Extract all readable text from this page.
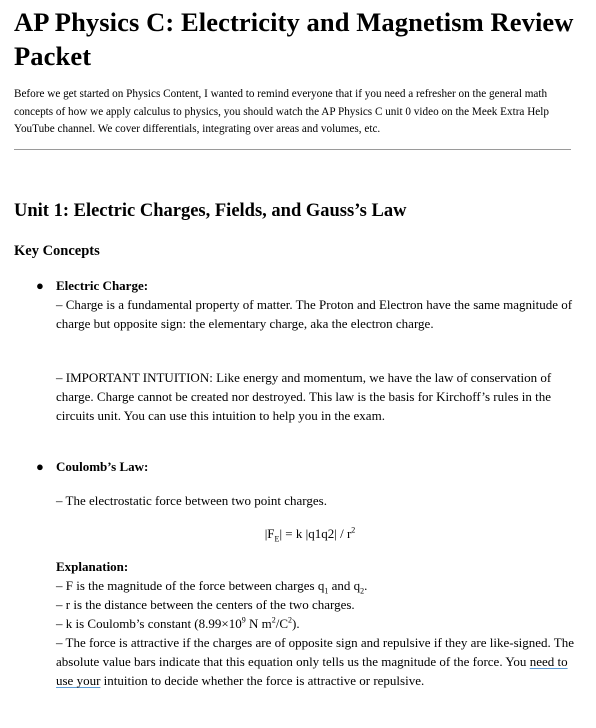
AP Physics C: Electricity and Magnetism Review Packet

Before we get started on Physics Content, I wanted to remind everyone that if you need a refresher on the general math concepts of how we apply calculus to physics, you should watch the AP Physics C unit 0 video on the Meek Extra Help YouTube channel. We cover differentials, integrating over areas and volumes, etc.

Unit 1: Electric Charges, Fields, and Gauss’s Law
Key Concepts
● Electric Charge:
– Charge is a fundamental property of matter. The Proton and Electron have the same magnitude of charge but opposite sign: the elementary charge, aka the electron charge.
– IMPORTANT INTUITION: Like energy and momentum, we have the law of conservation of charge. Charge cannot be created nor destroyed. This law is the basis for Kirchoff’s rules in the circuits unit. You can use this intuition to help you in the exam.
● Coulomb’s Law:
– The electrostatic force between two point charges.
$|F_E| = k$ $|q1q2| / r^2$
Explanation:
– F is the magnitude of the force between charges $q_1$ and $q_2$.
– r is the distance between the centers of the two charges.
– k is Coulomb’s constant ($8.99\times 10^9$ N $m^2/C^2$).
– The force is attractive if the charges are of opposite sign and repulsive if they are like-signed. The absolute value bars indicate that this equation only tells us the magnitude of the force. You need to use your intuition to decide whether the force is attractive or repulsive.
